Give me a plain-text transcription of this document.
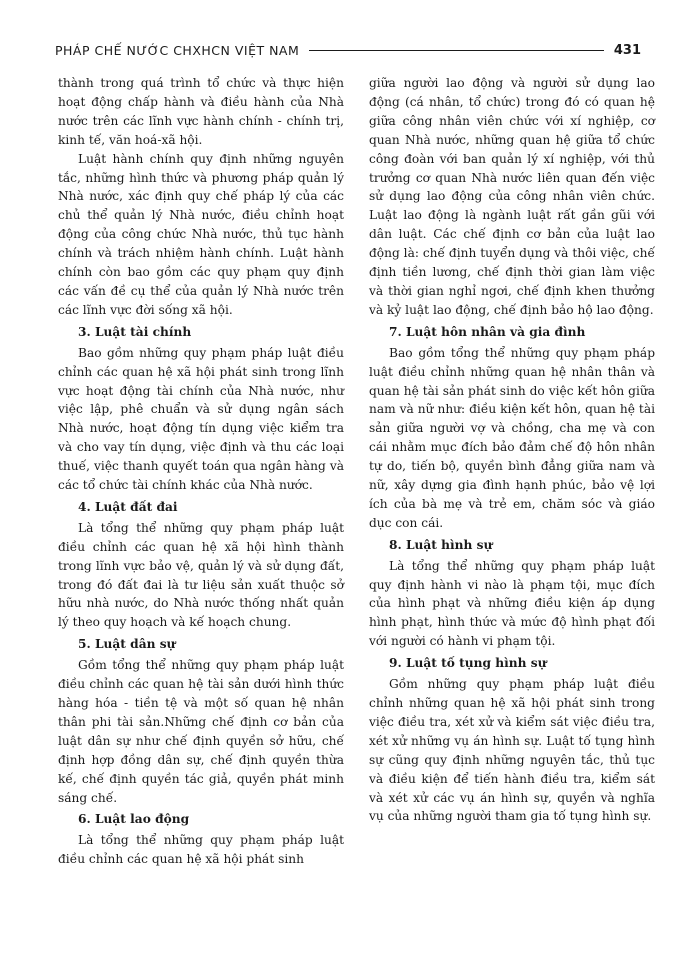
PHÁP CHẾ NƯỚC CHXHCN VIỆT NAM	431

thành trong quá trình tổ chức và thực hiện hoạt động chấp hành và điều hành của Nhà nước trên các lĩnh vực hành chính - chính trị, kinh tế, văn hoá-xã hội.

Luật hành chính quy định những nguyên tắc, những hình thức và phương pháp quản lý Nhà nước, xác định quy chế pháp lý của các chủ thể quản lý Nhà nước, điều chỉnh hoạt động của công chức Nhà nước, thủ tục hành chính và trách nhiệm hành chính. Luật hành chính còn bao gồm các quy phạm quy định các vấn đề cụ thể của quản lý Nhà nước trên các lĩnh vực đời sống xã hội.

3. Luật tài chính

Bao gồm những quy phạm pháp luật điều chỉnh các quan hệ xã hội phát sinh trong lĩnh vực hoạt động tài chính của Nhà nước, như việc lập, phê chuẩn và sử dụng ngân sách Nhà nước, hoạt động tín dụng việc kiểm tra và cho vay tín dụng, việc định và thu các loại thuế, việc thanh quyết toán qua ngân hàng và các tổ chức tài chính khác của Nhà nước.

4. Luật đất đai

Là tổng thể những quy phạm pháp luật điều chỉnh các quan hệ xã hội hình thành trong lĩnh vực bảo vệ, quản lý và sử dụng đất, trong đó đất đai là tư liệu sản xuất thuộc sở hữu nhà nước, do Nhà nước thống nhất quản lý theo quy hoạch và kế hoạch chung.

5. Luật dân sự

Gồm tổng thể những quy phạm pháp luật điều chỉnh các quan hệ tài sản dưới hình thức hàng hóa - tiền tệ và một số quan hệ nhân thân phi tài sản.Những chế định cơ bản của luật dân sự như chế định quyền sở hữu, chế định hợp đồng dân sự, chế định quyền thừa kế, chế định quyền tác giả, quyền phát minh sáng chế.

6. Luật lao động

Là tổng thể những quy phạm pháp luật điều chỉnh các quan hệ xã hội phát sinh

giữa người lao động và người sử dụng lao động (cá nhân, tổ chức) trong đó có quan hệ giữa công nhân viên chức với xí nghiệp, cơ quan Nhà nước, những quan hệ giữa tổ chức công đoàn với ban quản lý xí nghiệp, với thủ trưởng cơ quan Nhà nước liên quan đến việc sử dụng lao động của công nhân viên chức. Luật lao động là ngành luật rất gần gũi với dân luật. Các chế định cơ bản của luật lao động là: chế định tuyển dụng và thôi việc, chế định tiền lương, chế định thời gian làm việc và thời gian nghỉ ngơi, chế định khen thưởng và kỷ luật lao động, chế định bảo hộ lao động.

7. Luật hôn nhân và gia đình

Bao gồm tổng thể những quy phạm pháp luật điều chỉnh những quan hệ nhân thân và quan hệ tài sản phát sinh do việc kết hôn giữa nam và nữ như: điều kiện kết hôn, quan hệ tài sản giữa người vợ và chồng, cha mẹ và con cái nhằm mục đích bảo đảm chế độ hôn nhân tự do, tiến bộ, quyền bình đẳng giữa nam và nữ, xây dựng gia đình hạnh phúc, bảo vệ lợi ích của bà mẹ và trẻ em, chăm sóc và giáo dục con cái.

8. Luật hình sự

Là tổng thể những quy phạm pháp luật quy định hành vi nào là phạm tội, mục đích của hình phạt và những điều kiện áp dụng hình phạt, hình thức và mức độ hình phạt đối với người có hành vi phạm tội.

9. Luật tố tụng hình sự

Gồm những quy phạm pháp luật điều chỉnh những quan hệ xã hội phát sinh trong việc điều tra, xét xử và kiểm sát việc điều tra, xét xử những vụ án hình sự. Luật tố tụng hình sự cũng quy định những nguyên tắc, thủ tục và điều kiện để tiến hành điều tra, kiểm sát và xét xử các vụ án hình sự, quyền và nghĩa vụ của những người tham gia tố tụng hình sự.
